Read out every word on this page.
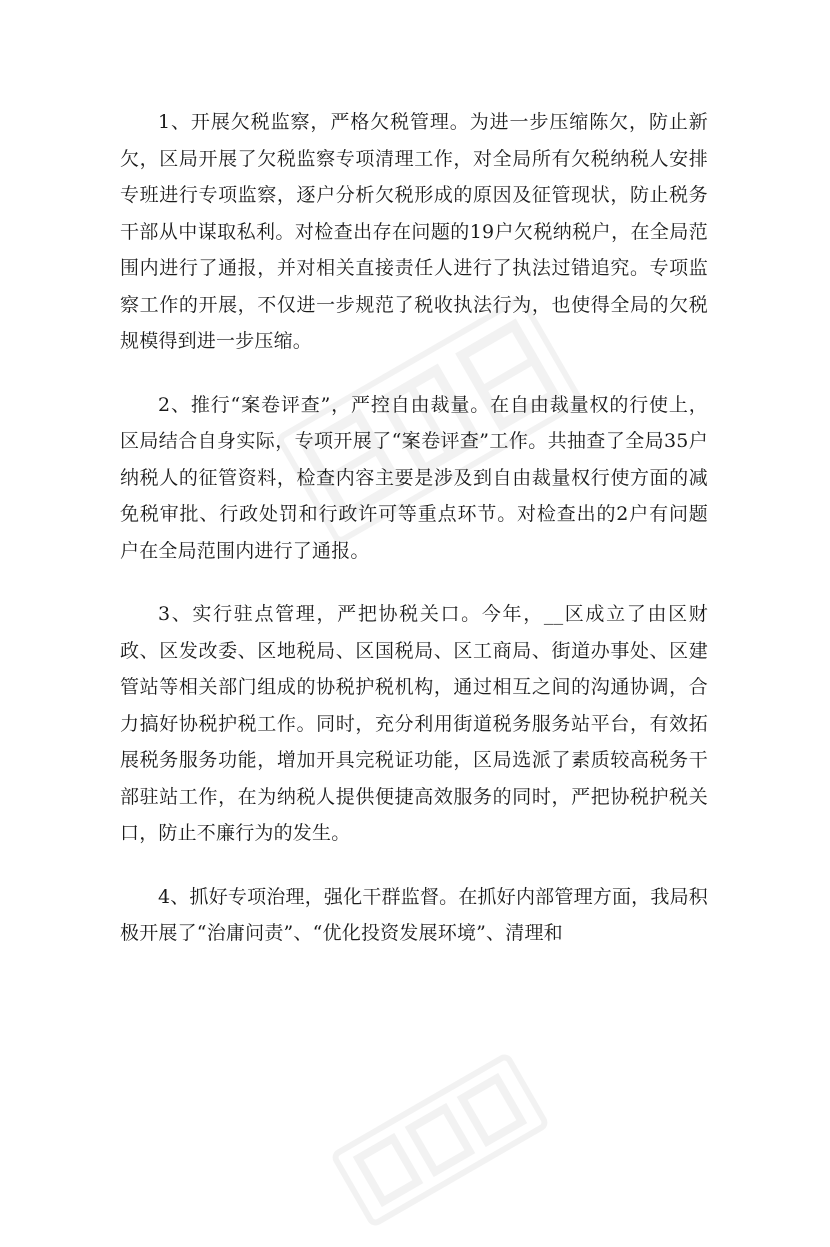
1、开展欠税监察，严格欠税管理。为进一步压缩陈欠，防止新欠，区局开展了欠税监察专项清理工作，对全局所有欠税纳税人安排专班进行专项监察，逐户分析欠税形成的原因及征管现状，防止税务干部从中谋取私利。对检查出存在问题的19户欠税纳税户，在全局范围内进行了通报，并对相关直接责任人进行了执法过错追究。专项监察工作的开展，不仅进一步规范了税收执法行为，也使得全局的欠税规模得到进一步压缩。

2、推行“案卷评查”，严控自由裁量。在自由裁量权的行使上，区局结合自身实际，专项开展了“案卷评查”工作。共抽查了全局35户纳税人的征管资料，检查内容主要是涉及到自由裁量权行使方面的减免税审批、行政处罚和行政许可等重点环节。对检查出的2户有问题户在全局范围内进行了通报。

3、实行驻点管理，严把协税关口。今年，__区成立了由区财政、区发改委、区地税局、区国税局、区工商局、街道办事处、区建管站等相关部门组成的协税护税机构，通过相互之间的沟通协调，合力搞好协税护税工作。同时，充分利用街道税务服务站平台，有效拓展税务服务功能，增加开具完税证功能，区局选派了素质较高税务干部驻站工作，在为纳税人提供便捷高效服务的同时，严把协税护税关口，防止不廉行为的发生。

4、抓好专项治理，强化干群监督。在抓好内部管理方面，我局积极开展了“治庸问责”、“优化投资发展环境”、清理和
